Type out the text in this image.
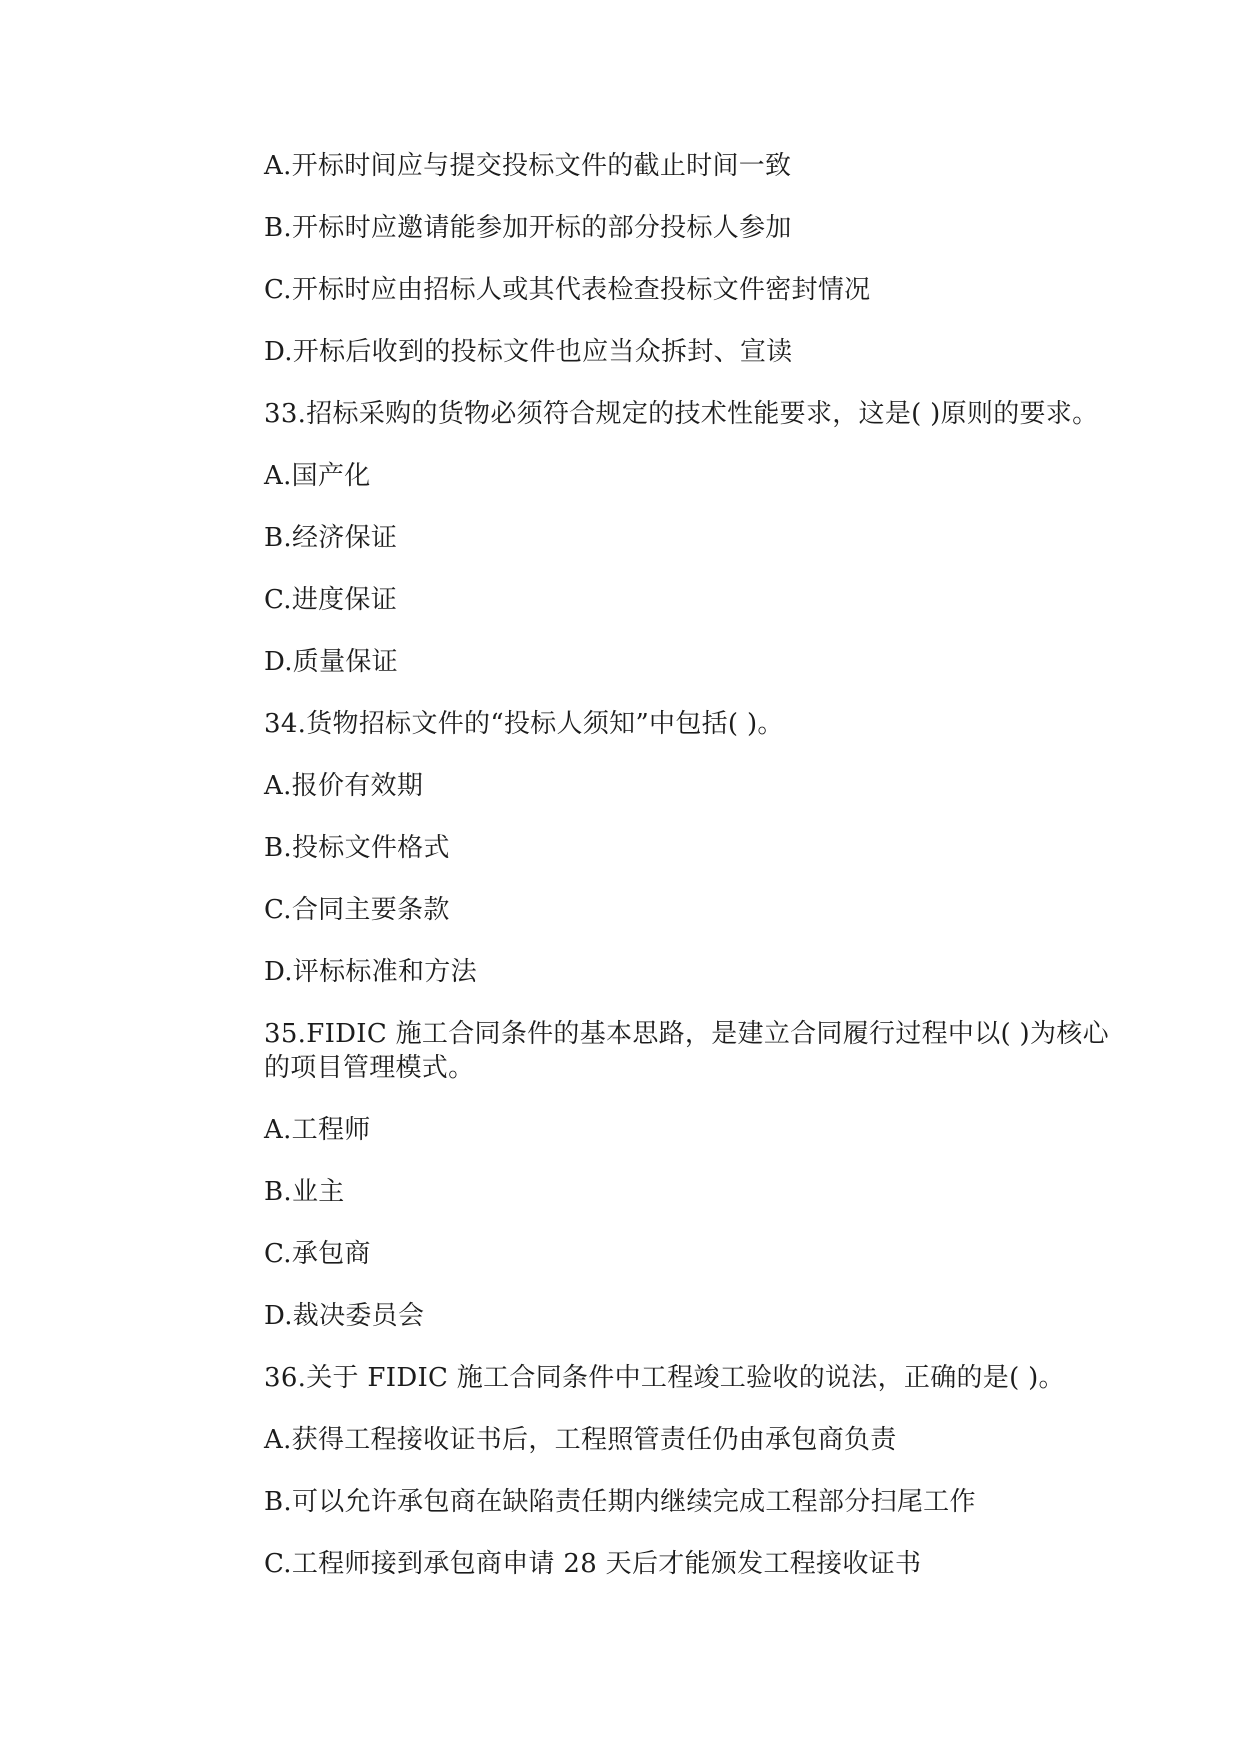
A.开标时间应与提交投标文件的截止时间一致
B.开标时应邀请能参加开标的部分投标人参加
C.开标时应由招标人或其代表检查投标文件密封情况
D.开标后收到的投标文件也应当众拆封、宣读
33.招标采购的货物必须符合规定的技术性能要求，这是( )原则的要求。
A.国产化
B.经济保证
C.进度保证
D.质量保证
34.货物招标文件的“投标人须知”中包括( )。
A.报价有效期
B.投标文件格式
C.合同主要条款
D.评标标准和方法
35.FIDIC 施工合同条件的基本思路，是建立合同履行过程中以( )为核心
的项目管理模式。
A.工程师
B.业主
C.承包商
D.裁决委员会
36.关于 FIDIC 施工合同条件中工程竣工验收的说法，正确的是( )。
A.获得工程接收证书后，工程照管责任仍由承包商负责
B.可以允许承包商在缺陷责任期内继续完成工程部分扫尾工作
C.工程师接到承包商申请 28 天后才能颁发工程接收证书
